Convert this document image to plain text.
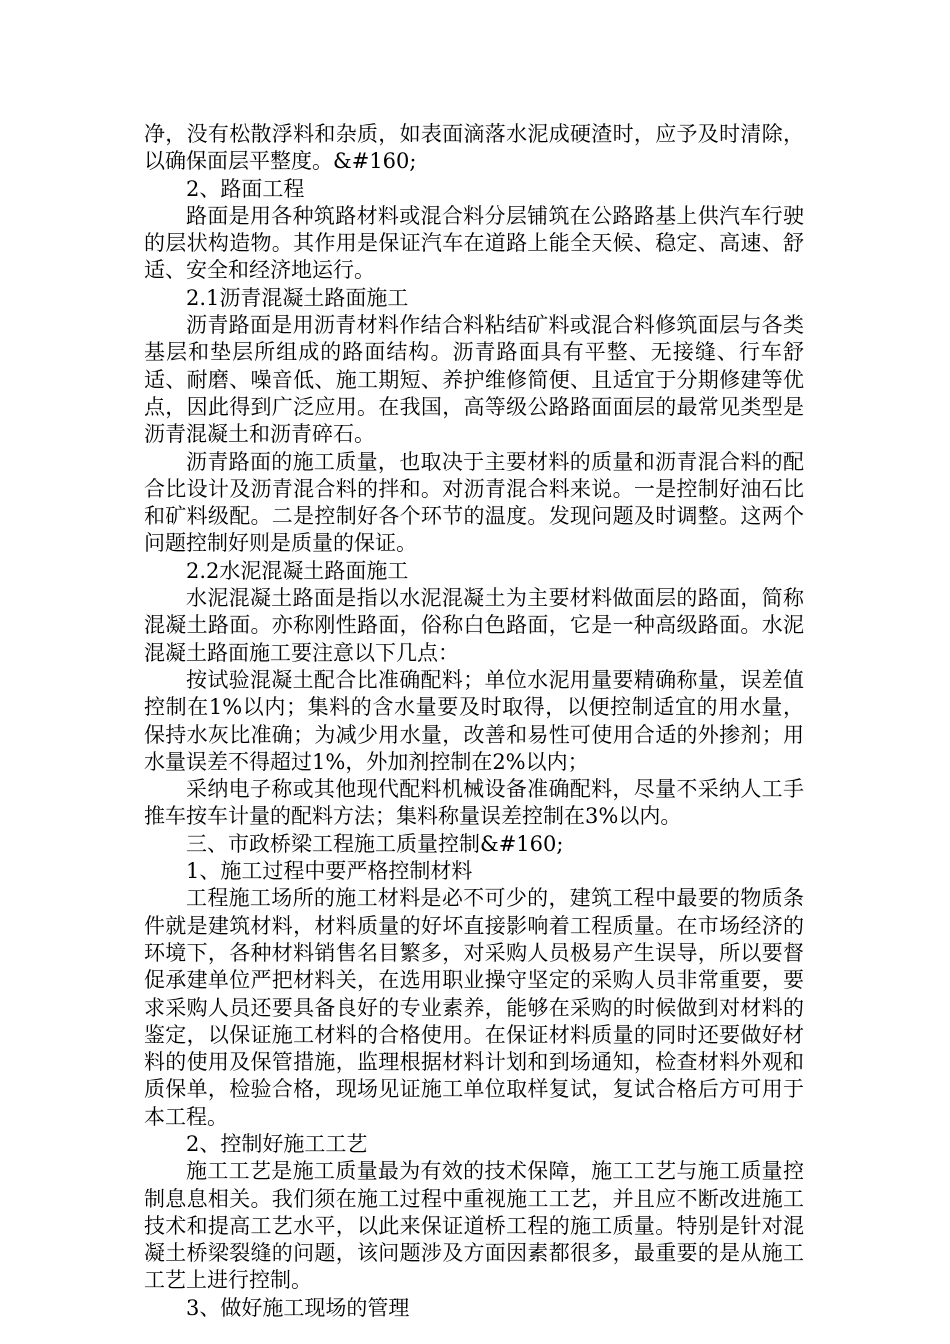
净，没有松散浮料和杂质，如表面滴落水泥成硬渣时，应予及时清除，以确保面层平整度。&#160;

2、路面工程

路面是用各种筑路材料或混合料分层铺筑在公路路基上供汽车行驶的层状构造物。其作用是保证汽车在道路上能全天候、稳定、高速、舒适、安全和经济地运行。

2.1沥青混凝土路面施工

沥青路面是用沥青材料作结合料粘结矿料或混合料修筑面层与各类基层和垫层所组成的路面结构。沥青路面具有平整、无接缝、行车舒适、耐磨、噪音低、施工期短、养护维修简便、且适宜于分期修建等优点，因此得到广泛应用。在我国，高等级公路路面面层的最常见类型是沥青混凝土和沥青碎石。

沥青路面的施工质量，也取决于主要材料的质量和沥青混合料的配合比设计及沥青混合料的拌和。对沥青混合料来说。一是控制好油石比和矿料级配。二是控制好各个环节的温度。发现问题及时调整。这两个问题控制好则是质量的保证。

2.2水泥混凝土路面施工

水泥混凝土路面是指以水泥混凝土为主要材料做面层的路面，简称混凝土路面。亦称刚性路面，俗称白色路面，它是一种高级路面。水泥混凝土路面施工要注意以下几点：

按试验混凝土配合比准确配料；单位水泥用量要精确称量，误差值控制在1%以内；集料的含水量要及时取得，以便控制适宜的用水量，保持水灰比准确；为减少用水量，改善和易性可使用合适的外掺剂；用水量误差不得超过1%，外加剂控制在2%以内；

采纳电子称或其他现代配料机械设备准确配料，尽量不采纳人工手推车按车计量的配料方法；集料称量误差控制在3%以内。

三、市政桥梁工程施工质量控制&#160;

1、施工过程中要严格控制材料

工程施工场所的施工材料是必不可少的，建筑工程中最要的物质条件就是建筑材料，材料质量的好坏直接影响着工程质量。在市场经济的环境下，各种材料销售名目繁多，对采购人员极易产生误导，所以要督促承建单位严把材料关，在选用职业操守坚定的采购人员非常重要，要求采购人员还要具备良好的专业素养，能够在采购的时候做到对材料的鉴定，以保证施工材料的合格使用。在保证材料质量的同时还要做好材料的使用及保管措施，监理根据材料计划和到场通知，检查材料外观和质保单，检验合格，现场见证施工单位取样复试，复试合格后方可用于本工程。

2、控制好施工工艺

施工工艺是施工质量最为有效的技术保障，施工工艺与施工质量控制息息相关。我们须在施工过程中重视施工工艺，并且应不断改进施工技术和提高工艺水平，以此来保证道桥工程的施工质量。特别是针对混凝土桥梁裂缝的问题，该问题涉及方面因素都很多，最重要的是从施工工艺上进行控制。

3、做好施工现场的管理
